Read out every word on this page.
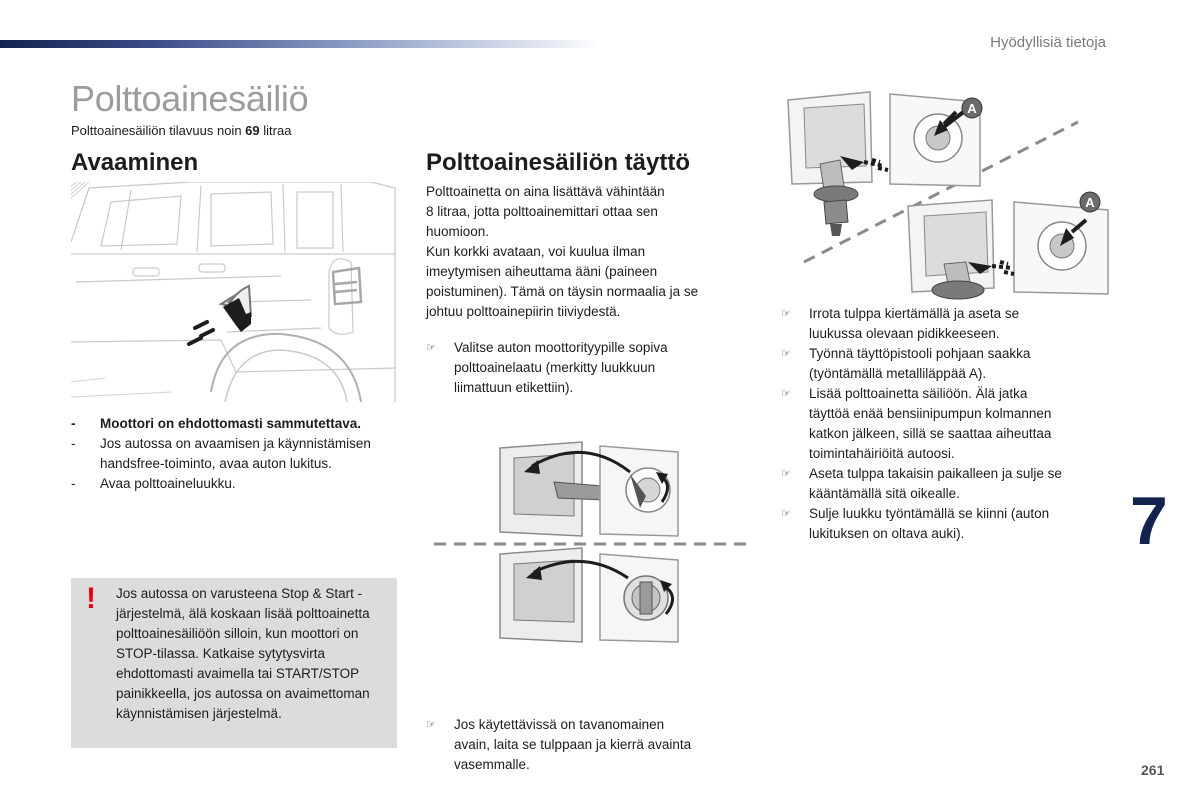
Hyödyllisiä tietoja
Polttoainesäiliö
Polttoainesäiliön tilavuus noin 69 litraa
Avaaminen
- Moottori on ehdottomasti sammutettava.
- Jos autossa on avaamisen ja käynnistämisen handsfree-toiminto, avaa auton lukitus.
- Avaa polttoaineluukku.
! Jos autossa on varusteena Stop & Start -järjestelmä, älä koskaan lisää polttoainetta polttoainesäiliöön silloin, kun moottori on STOP-tilassa. Katkaise sytytysvirta ehdottomasti avaimella tai START/STOP painikkeella, jos autossa on avaimettoman käynnistämisen järjestelmä.
Polttoainesäiliön täyttö
Polttoainetta on aina lisättävä vähintään
8 litraa, jotta polttoainemittari ottaa sen
huomioon.
Kun korkki avataan, voi kuulua ilman
imeytymisen aiheuttama ääni (paineen
poistuminen). Tämä on täysin normaalia ja se
johtuu polttoainepiirin tiiviydestä.
☞ Valitse auton moottorityypille sopiva
polttoainelaatu (merkitty luukkuun
liimattuun etikettiin).
☞ Jos käytettävissä on tavanomainen
avain, laita se tulppaan ja kierrä avainta
vasemmalle.
A
A
☞ Irrota tulppa kiertämällä ja aseta se
luukussa olevaan pidikkeeseen.
☞ Työnnä täyttöpistooli pohjaan saakka
(työntämällä metalliläppää A).
☞ Lisää polttoainetta säiliöön. Älä jatka
täyttöä enää bensiinipumpun kolmannen
katkon jälkeen, sillä se saattaa aiheuttaa
toimintahäiriöitä autoosi.
☞ Aseta tulppa takaisin paikalleen ja sulje se
kääntämällä sitä oikealle.
☞ Sulje luukku työntämällä se kiinni (auton
lukituksen on oltava auki).	7
261
